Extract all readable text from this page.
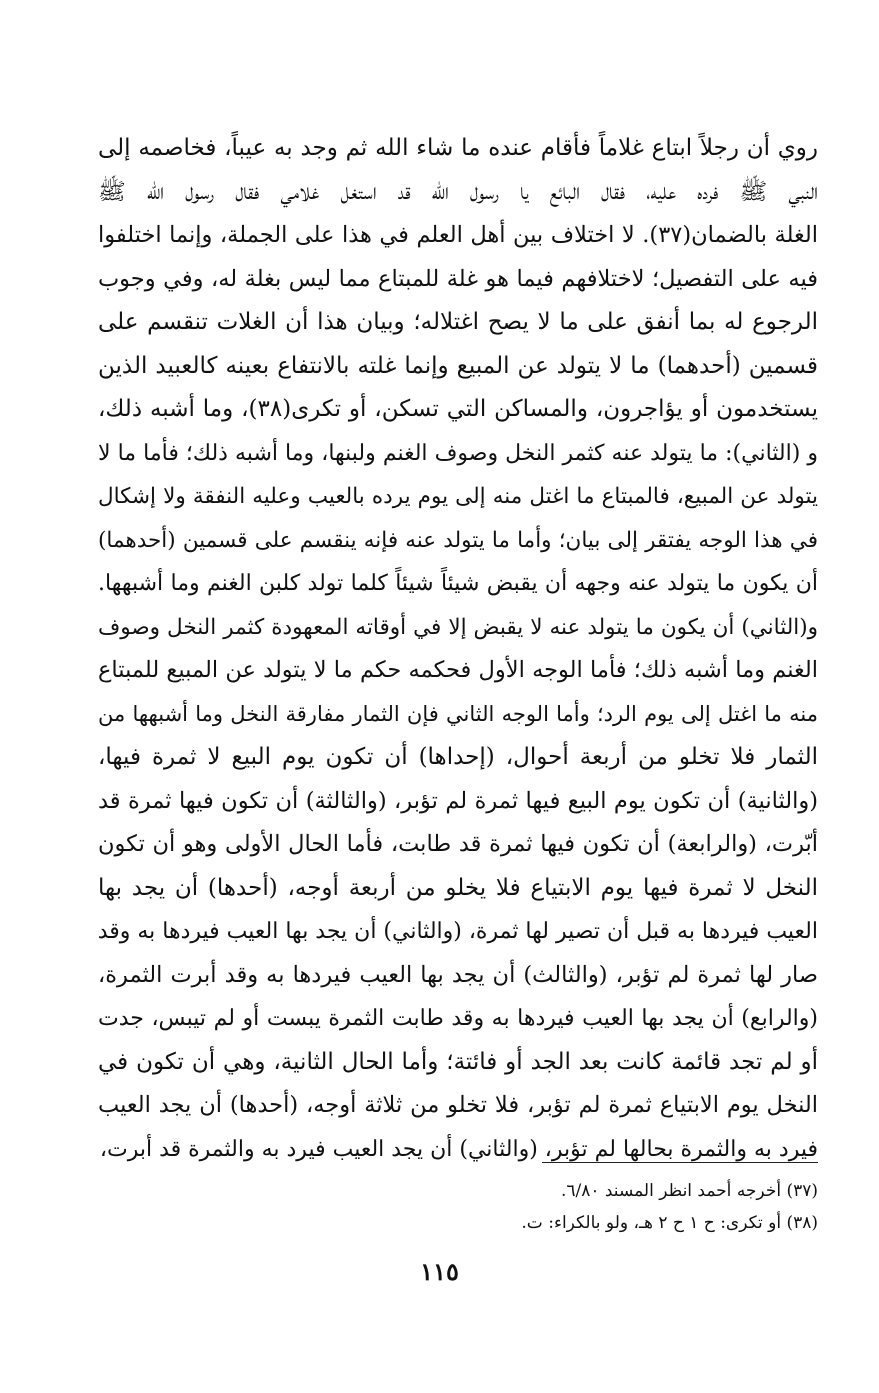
روي أن رجلاً ابتاع غلاماً فأقام عنده ما شاء الله ثم وجد به عيباً، فخاصمه إلى
النبي ﷺ فرده عليه، فقال البائع يا رسول الله قد استغل غلامي فقال رسول الله ﷺ
الغلة بالضمان(٣٧). لا اختلاف بين أهل العلم في هذا على الجملة، وإنما اختلفوا
فيه على التفصيل؛ لاختلافهم فيما هو غلة للمبتاع مما ليس بغلة له، وفي وجوب
الرجوع له بما أنفق على ما لا يصح اغتلاله؛ وبيان هذا أن الغلات تنقسم على
قسمين (أحدهما) ما لا يتولد عن المبيع وإنما غلته بالانتفاع بعينه كالعبيد الذين
يستخدمون أو يؤاجرون، والمساكن التي تسكن، أو تكرى(٣٨)، وما أشبه ذلك،
و (الثاني): ما يتولد عنه كثمر النخل وصوف الغنم ولبنها، وما أشبه ذلك؛ فأما ما لا
يتولد عن المبيع، فالمبتاع ما اغتل منه إلى يوم يرده بالعيب وعليه النفقة ولا إشكال
في هذا الوجه يفتقر إلى بيان؛ وأما ما يتولد عنه فإنه ينقسم على قسمين (أحدهما)
أن يكون ما يتولد عنه وجهه أن يقبض شيئاً شيئاً كلما تولد كلبن الغنم وما أشبهها.
و(الثاني) أن يكون ما يتولد عنه لا يقبض إلا في أوقاته المعهودة كثمر النخل وصوف
الغنم وما أشبه ذلك؛ فأما الوجه الأول فحكمه حكم ما لا يتولد عن المبيع للمبتاع
منه ما اغتل إلى يوم الرد؛ وأما الوجه الثاني فإن الثمار مفارقة النخل وما أشبهها من
الثمار فلا تخلو من أربعة أحوال، (إحداها) أن تكون يوم البيع لا ثمرة فيها،
(والثانية) أن تكون يوم البيع فيها ثمرة لم تؤبر، (والثالثة) أن تكون فيها ثمرة قد
أبّرت، (والرابعة) أن تكون فيها ثمرة قد طابت، فأما الحال الأولى وهو أن تكون
النخل لا ثمرة فيها يوم الابتياع فلا يخلو من أربعة أوجه، (أحدها) أن يجد بها
العيب فيردها به قبل أن تصير لها ثمرة، (والثاني) أن يجد بها العيب فيردها به وقد
صار لها ثمرة لم تؤبر، (والثالث) أن يجد بها العيب فيردها به وقد أبرت الثمرة،
(والرابع) أن يجد بها العيب فيردها به وقد طابت الثمرة يبست أو لم تيبس، جدت
أو لم تجد قائمة كانت بعد الجد أو فائتة؛ وأما الحال الثانية، وهي أن تكون في
النخل يوم الابتياع ثمرة لم تؤبر، فلا تخلو من ثلاثة أوجه، (أحدها) أن يجد العيب
فيرد به والثمرة بحالها لم تؤبر، (والثاني) أن يجد العيب فيرد به والثمرة قد أبرت،
(٣٧) أخرجه أحمد انظر المسند ٦/٨٠.
(٣٨) أو تكرى: ح ١ ح ٢ هـ، ولو بالكراء: ت.
١١٥
